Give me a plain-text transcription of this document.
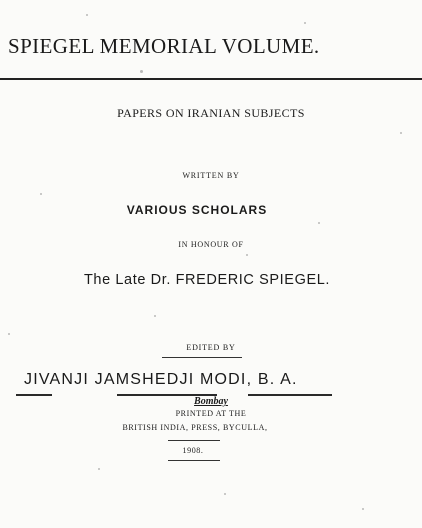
SPIEGEL MEMORIAL VOLUME.
PAPERS ON IRANIAN SUBJECTS
WRITTEN BY
VARIOUS SCHOLARS
IN HONOUR OF
The Late Dr. FREDERIC SPIEGEL.
EDITED BY
JIVANJI JAMSHEDJI MODI, B. A.
Bombay
PRINTED AT THE
BRITISH INDIA, PRESS, BYCULLA,
1908.
